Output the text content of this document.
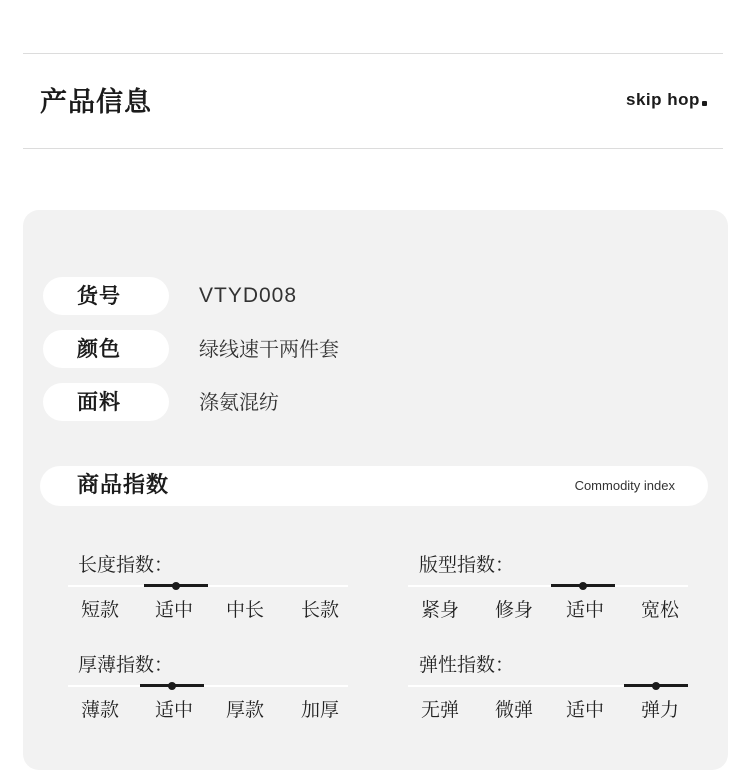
产品信息	skip hop
货号	VTYD008
颜色	绿线速干两件套
面料	涤氨混纺
商品指数	Commodity index
长度指数：
短款	适中	中长	长款
版型指数：
紧身	修身	适中	宽松
厚薄指数：
薄款	适中	厚款	加厚
弹性指数：
无弹	微弹	适中	弹力
